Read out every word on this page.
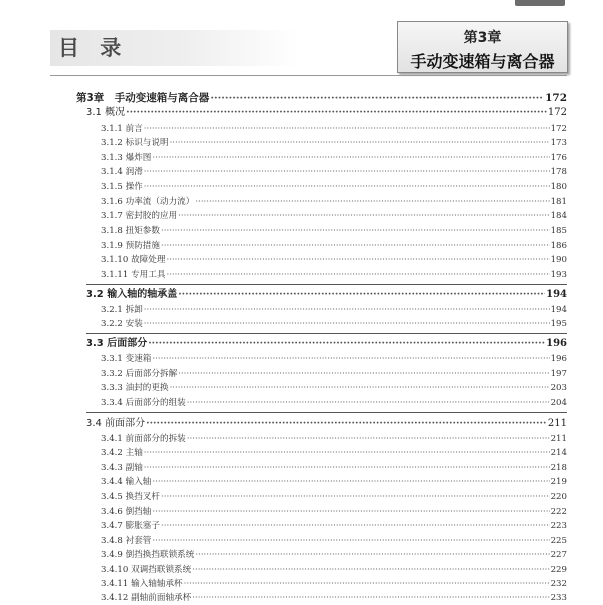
目 录	第3章
手动变速箱与离合器
第3章　手动变速箱与离合器 ·····	172
3.1 概况 ·····	172
3.1.1 前言 ·····	172
3.1.2 标识与说明 ·····	173
3.1.3 爆炸图 ·····	176
3.1.4 润滑 ·····	178
3.1.5 操作 ·····	180
3.1.6 功率流（动力流） ·····	181
3.1.7 密封胶的应用 ·····	184
3.1.8 扭矩参数 ·····	185
3.1.9 预防措施 ·····	186
3.1.10 故障处理 ·····	190
3.1.11 专用工具 ·····	193
3.2 输入轴的轴承盖 ·····	194
3.2.1 拆卸 ·····	194
3.2.2 安装 ·····	195
3.3 后面部分 ·····	196
3.3.1 变速箱 ·····	196
3.3.2 后面部分拆解 ·····	197
3.3.3 油封的更换 ·····	203
3.3.4 后面部分的组装 ·····	204
3.4 前面部分 ·····	211
3.4.1 前面部分的拆装 ·····	211
3.4.2 主轴 ·····	214
3.4.3 副轴 ·····	218
3.4.4 输入轴 ·····	219
3.4.5 换挡叉杆 ·····	220
3.4.6 倒挡轴 ·····	222
3.4.7 膨胀塞子 ·····	223
3.4.8 衬套管 ·····	225
3.4.9 倒挡换挡联锁系统 ·····	227
3.4.10 双调挡联锁系统 ·····	229
3.4.11 输入轴轴承杯 ·····	232
3.4.12 副轴前面轴承杯 ·····	233
